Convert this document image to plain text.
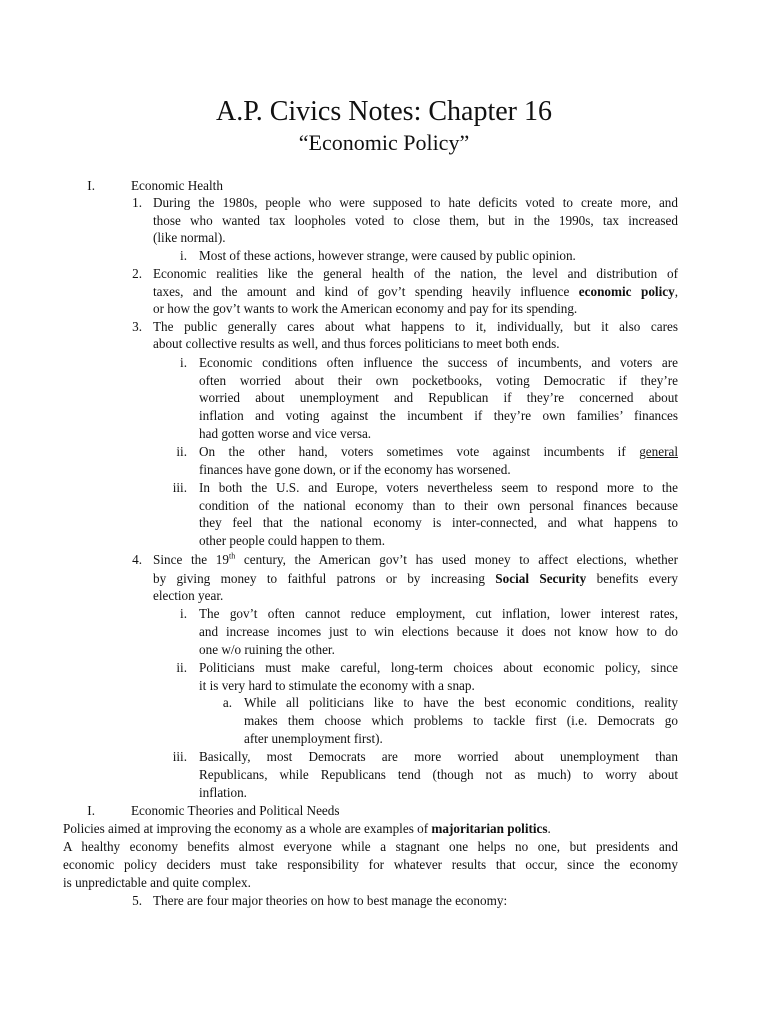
A.P. Civics Notes: Chapter 16
“Economic Policy”
I.	Economic Health
1. During the 1980s, people who were supposed to hate deficits voted to create more, and
those who wanted tax loopholes voted to close them, but in the 1990s, tax increased
(like normal).
i. Most of these actions, however strange, were caused by public opinion.
2. Economic realities like the general health of the nation, the level and distribution of
taxes, and the amount and kind of gov’t spending heavily influence economic policy,
or how the gov’t wants to work the American economy and pay for its spending.
3. The public generally cares about what happens to it, individually, but it also cares
about collective results as well, and thus forces politicians to meet both ends.
i. Economic conditions often influence the success of incumbents, and voters are
often worried about their own pocketbooks, voting Democratic if they’re
worried about unemployment and Republican if they’re concerned about
inflation and voting against the incumbent if they’re own families’ finances
had gotten worse and vice versa.
ii. On the other hand, voters sometimes vote against incumbents if general
finances have gone down, or if the economy has worsened.
iii. In both the U.S. and Europe, voters nevertheless seem to respond more to the
condition of the national economy than to their own personal finances because
they feel that the national economy is inter-connected, and what happens to
other people could happen to them.
4. Since the 19th century, the American gov’t has used money to affect elections, whether
by giving money to faithful patrons or by increasing Social Security benefits every
election year.
i. The gov’t often cannot reduce employment, cut inflation, lower interest rates,
and increase incomes just to win elections because it does not know how to do
one w/o ruining the other.
ii. Politicians must make careful, long-term choices about economic policy, since
it is very hard to stimulate the economy with a snap.
a. While all politicians like to have the best economic conditions, reality
makes them choose which problems to tackle first (i.e. Democrats go
after unemployment first).
iii. Basically, most Democrats are more worried about unemployment than
Republicans, while Republicans tend (though not as much) to worry about
inflation.
I.	Economic Theories and Political Needs
Policies aimed at improving the economy as a whole are examples of majoritarian politics.
A healthy economy benefits almost everyone while a stagnant one helps no one, but presidents and
economic policy deciders must take responsibility for whatever results that occur, since the economy
is unpredictable and quite complex.
5. There are four major theories on how to best manage the economy:
